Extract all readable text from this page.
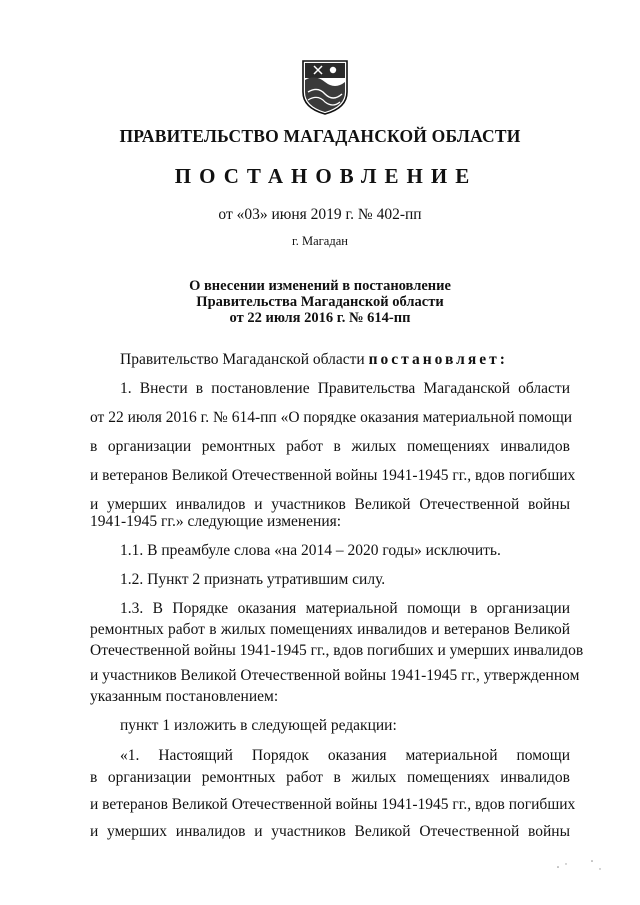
ПРАВИТЕЛЬСТВО МАГАДАНСКОЙ ОБЛАСТИ
ПОСТАНОВЛЕНИЕ
от «03» июня 2019 г. № 402-пп
г. Магадан
О внесении изменений в постановление
Правительства Магаданской области
от 22 июля 2016 г. № 614-пп
Правительство Магаданской области постановляет:
1. Внести в постановление Правительства Магаданской области
от 22 июля 2016 г. № 614-пп «О порядке оказания материальной помощи
в организации ремонтных работ в жилых помещениях инвалидов
и ветеранов Великой Отечественной войны 1941-1945 гг., вдов погибших
и умерших инвалидов и участников Великой Отечественной войны
1941-1945 гг.» следующие изменения:
1.1. В преамбуле слова «на 2014 – 2020 годы» исключить.
1.2. Пункт 2 признать утратившим силу.
1.3. В Порядке оказания материальной помощи в организации
ремонтных работ в жилых помещениях инвалидов и ветеранов Великой
Отечественной войны 1941-1945 гг., вдов погибших и умерших инвалидов
и участников Великой Отечественной войны 1941-1945 гг., утвержденном
указанным постановлением:
пункт 1 изложить в следующей редакции:
«1. Настоящий Порядок оказания материальной помощи
в организации ремонтных работ в жилых помещениях инвалидов
и ветеранов Великой Отечественной войны 1941-1945 гг., вдов погибших
и умерших инвалидов и участников Великой Отечественной войны
